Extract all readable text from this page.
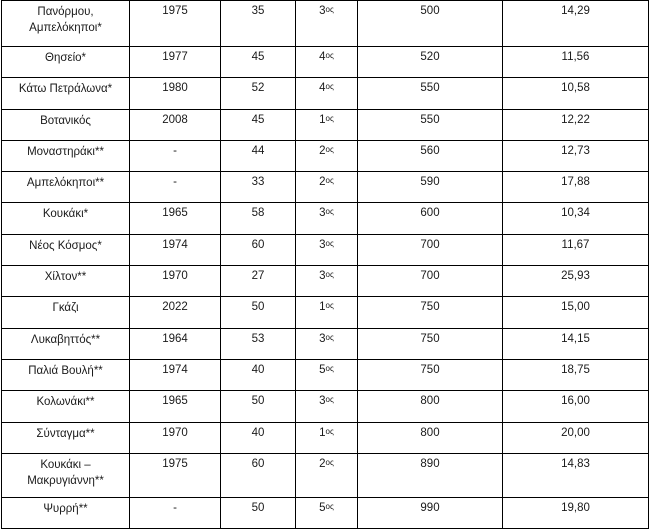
Πανόρμου, Αμπελόκηποι*	1975	35	$3^{o\varsigma}$	500	14,29
Θησείο*	1977	45	$4^{o\varsigma}$	520	11,56
Κάτω Πετράλωνα*	1980	52	$4^{o\varsigma}$	550	10,58
Βοτανικός	2008	45	$1^{o\varsigma}$	550	12,22
Μοναστηράκι**	-	44	$2^{o\varsigma}$	560	12,73
Αμπελόκηποι**	-	33	$2^{o\varsigma}$	590	17,88
Κουκάκι*	1965	58	$3^{o\varsigma}$	600	10,34
Νέος Κόσμος*	1974	60	$3^{o\varsigma}$	700	11,67
Χίλτον**	1970	27	$3^{o\varsigma}$	700	25,93
Γκάζι	2022	50	$1^{o\varsigma}$	750	15,00
Λυκαβηττός**	1964	53	$3^{o\varsigma}$	750	14,15
Παλιά Βουλή**	1974	40	$5^{o\varsigma}$	750	18,75
Κολωνάκι**	1965	50	$3^{o\varsigma}$	800	16,00
Σύνταγμα**	1970	40	$1^{o\varsigma}$	800	20,00
Κουκάκι – Μακρυγιάννη**	1975	60	$2^{o\varsigma}$	890	14,83
Ψυρρή**	-	50	$5^{o\varsigma}$	990	19,80
